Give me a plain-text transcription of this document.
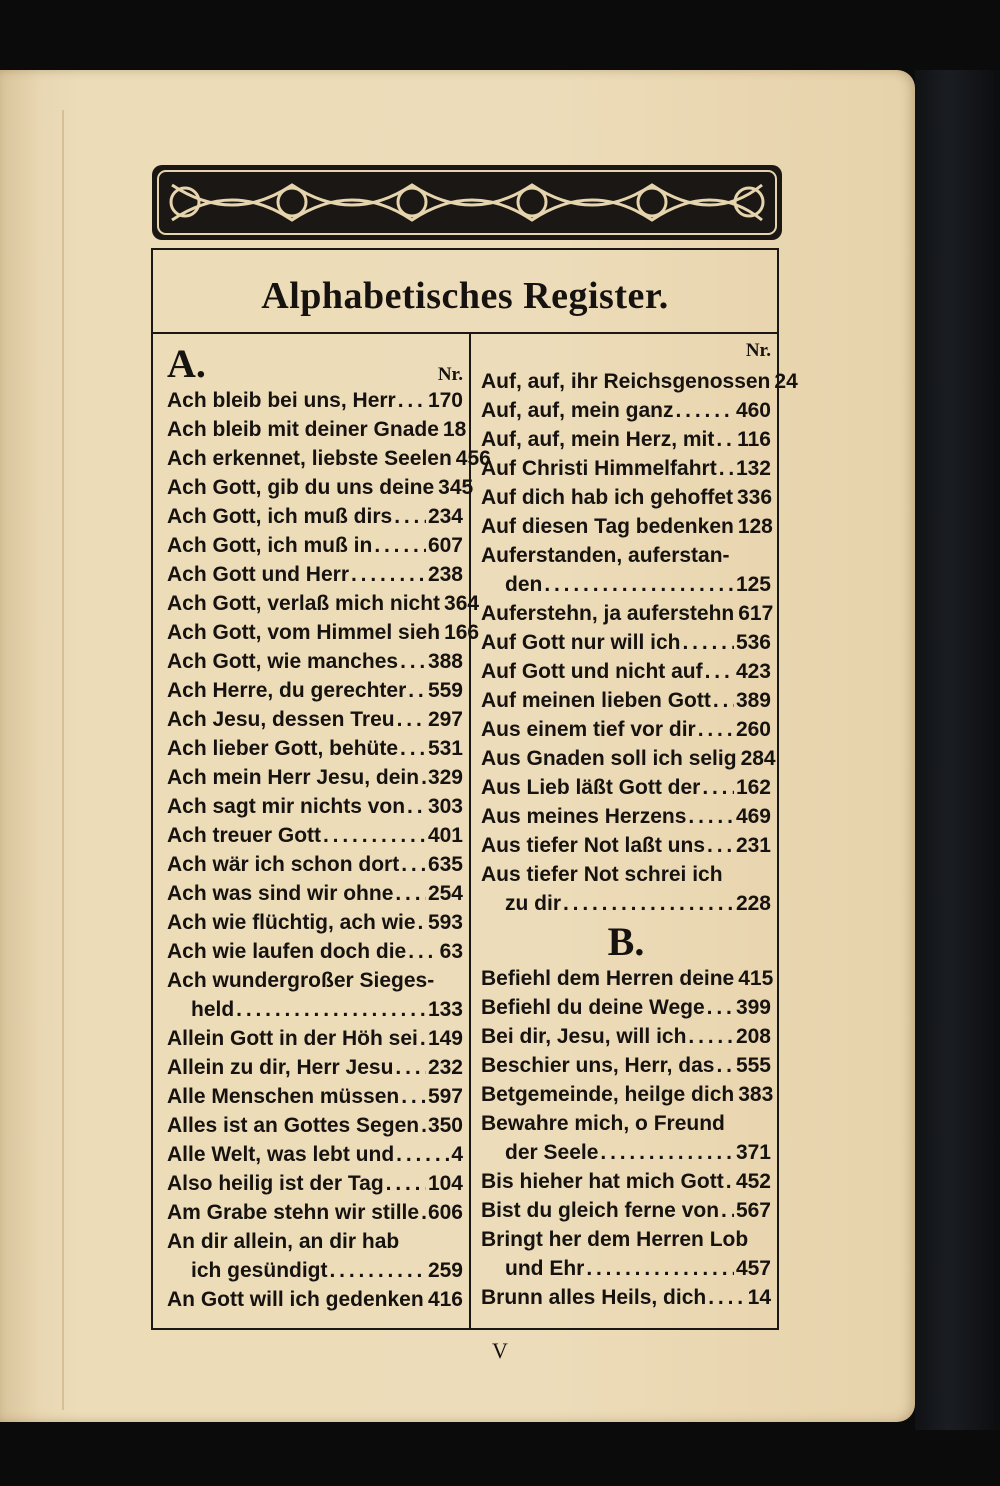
Alphabetisches Register.
A.	Nr.
Ach bleib bei uns, Herr . . . 170
Ach bleib mit deiner Gnade 18
Ach erkennet, liebste Seelen 456
Ach Gott, gib du uns deine 345
Ach Gott, ich muß dirs . . . 234
Ach Gott, ich muß in . . .	607
Ach Gott und Herr . . .	238
Ach Gott, verlaß mich nicht 364
Ach Gott, vom Himmel sieh 166
Ach Gott, wie manches . . . 388
Ach Herre, du gerechter . . . 559
Ach Jesu, dessen Treu . . . 297
Ach lieber Gott, behüte . . . 531
Ach mein Herr Jesu, dein . . . 329
Ach sagt mir nichts von . . . 303
Ach treuer Gott . . .	401
Ach wär ich schon dort . . . 635
Ach was sind wir ohne . . . 254
Ach wie flüchtig, ach wie . . . 593
Ach wie laufen doch die . . . 63
Ach wundergroßer Sieges-
held . . .	133
Allein Gott in der Höh sei . . . 149
Allein zu dir, Herr Jesu . . . 232
Alle Menschen müssen . . . 597
Alles ist an Gottes Segen . . . 350
Alle Welt, was lebt und . . .	4
Also heilig ist der Tag . . . 104
Am Grabe stehn wir stille . . . 606
An dir allein, an dir hab
ich gesündigt . . .	259
An Gott will ich gedenken . . . 416
Nr.
Auf, auf, ihr Reichsgenossen 24
Auf, auf, mein ganz . . .	460
Auf, auf, mein Herz, mit . . . 116
Auf Christi Himmelfahrt . . . 132
Auf dich hab ich gehoffet 336
Auf diesen Tag bedenken 128
Auferstanden, auferstan-
den . . .	125
Auferstehn, ja auferstehn 617
Auf Gott nur will ich . . .	536
Auf Gott und nicht auf . . . 423
Auf meinen lieben Gott . . . 389
Aus einem tief vor dir . . . 260
Aus Gnaden soll ich selig 284
Aus Lieb läßt Gott der . . . 162
Aus meines Herzens . . . 469
Aus tiefer Not laßt uns . . . 231
Aus tiefer Not schrei ich
zu dir . . .	228
B.
Befiehl dem Herren deine 415
Befiehl du deine Wege . . . 399
Bei dir, Jesu, will ich . . . 208
Beschier uns, Herr, das . . . 555
Betgemeinde, heilge dich 383
Bewahre mich, o Freund
der Seele . . .	371
Bis hieher hat mich Gott . . . 452
Bist du gleich ferne von . . . 567
Bringt her dem Herren Lob
und Ehr . . .	457
Brunn alles Heils, dich . . . 14
V
